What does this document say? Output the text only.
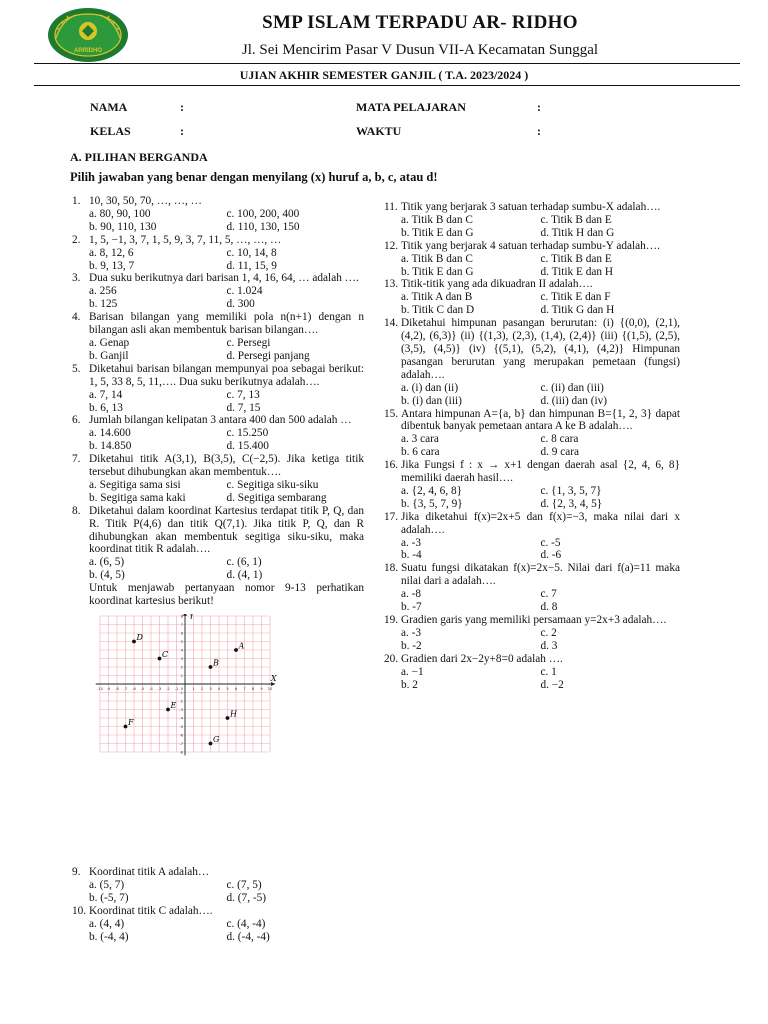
ARRIDHO
SMP ISLAM TERPADU AR- RIDHO
Jl. Sei Mencirim Pasar V Dusun VII-A Kecamatan Sunggal
UJIAN AKHIR SEMESTER GANJIL ( T.A. 2023/2024 )
NAMA	:	MATA PELAJARAN	:
KELAS	:	WAKTU	:
A. PILIHAN BERGANDA
Pilih jawaban yang benar dengan menyilang (x) huruf a, b, c, atau d!
1. 10, 30, 50, 70, …, …, …
a. 80, 90, 100	c. 100, 200, 400
b. 90, 110, 130	d. 110, 130, 150
2. 1, 5, −1, 3, 7, 1, 5, 9, 3, 7, 11, 5, …, …, …
a. 8, 12, 6	c. 10, 14, 8
b. 9, 13, 7	d. 11, 15, 9
3. Dua suku berikutnya dari barisan 1, 4, 16, 64, … adalah ….
a. 256	c. 1.024
b. 125	d. 300
4. Barisan bilangan yang memiliki pola n(n+1) dengan n bilangan asli akan membentuk barisan bilangan….
a. Genap	c. Persegi
b. Ganjil	d. Persegi panjang
5. Diketahui barisan bilangan mempunyai poa sebagai berikut: 1, 5, 33 8, 5, 11,…. Dua suku berikutnya adalah….
a. 7, 14	c. 7, 13
b. 6, 13	d. 7, 15
6. Jumlah bilangan kelipatan 3 antara 400 dan 500 adalah …
a. 14.600	c. 15.250
b. 14.850	d. 15.400
7. Diketahui titik A(3,1), B(3,5), C(−2,5). Jika ketiga titik tersebut dihubungkan akan membentuk….
a. Segitiga sama sisi	c. Segitiga siku-siku
b. Segitiga sama kaki	d. Segitiga sembarang
8. Diketahui dalam koordinat Kartesius terdapat titik P, Q, dan R. Titik P(4,6) dan titik Q(7,1). Jika titik P, Q, dan R dihubungkan akan membentuk segitiga siku-siku, maka koordinat titik R adalah….
a. (6, 5)	c. (6, 1)
b. (4, 5)	d. (4, 1)
Untuk menjawab pertanyaan nomor 9-13 perhatikan koordinat kartesius berikut!
X
Y
-10 -9 -8 -7 -6 -5 -4 -3 -2 -1	1 2 3 4 5 6 7 8 9 10
-8
-7
-6
-5
-4
-3
-2
-1
1
2
3
4
5
6
7
8
0
A
B
C
D
E
F
G
H
9. Koordinat titik A adalah…
a. (5, 7)	c. (7, 5)
b. (-5, 7)	d. (7, -5)
10. Koordinat titik C adalah….
a. (4, 4)	c. (4, -4)
b. (-4, 4)	d. (-4, -4)
11. Titik yang berjarak 3 satuan terhadap sumbu-X adalah….
a. Titik B dan C	c. Titik B dan E
b. Titik E dan G	d. Titik H dan G
12. Titik yang berjarak 4 satuan terhadap sumbu-Y adalah….
a. Titik B dan C	c. Titik B dan E
b. Titik E dan G	d. Titik E dan H
13. Titik-titik yang ada dikuadran II adalah….
a. Titik A dan B	c. Titik E dan F
b. Titik C dan D	d. Titik G dan H
14. Diketahui himpunan pasangan berurutan: (i) {(0,0), (2,1), (4,2), (6,3)} (ii) {(1,3), (2,3), (1,4), (2,4)} (iii) {(1,5), (2,5), (3,5), (4,5)} (iv) {(5,1), (5,2), (4,1), (4,2)} Himpunan pasangan berurutan yang merupakan pemetaan (fungsi) adalah….
a. (i) dan (ii)	c. (ii) dan (iii)
b. (i) dan (iii)	d. (iii) dan (iv)
15. Antara himpunan A={a, b} dan himpunan B={1, 2, 3} dapat dibentuk banyak pemetaan antara A ke B adalah….
a. 3 cara	c. 8 cara
b. 6 cara	d. 9 cara
16. Jika Fungsi f : x → x+1 dengan daerah asal {2, 4, 6, 8} memiliki daerah hasil….
a. {2, 4, 6, 8}	c. {1, 3, 5, 7}
b. {3, 5, 7, 9}	d. {2, 3, 4, 5}
17. Jika diketahui f(x)=2x+5 dan f(x)=−3, maka nilai dari x adalah….
a. -3	c. -5
b. -4	d. -6
18. Suatu fungsi dikatakan f(x)=2x−5. Nilai dari f(a)=11 maka nilai dari a adalah….
a. -8	c. 7
b. -7	d. 8
19. Gradien garis yang memiliki persamaan y=2x+3 adalah….
a. -3	c. 2
b. -2	d. 3
20. Gradien dari 2x−2y+8=0 adalah ….
a. −1	c. 1
b. 2	d. −2
